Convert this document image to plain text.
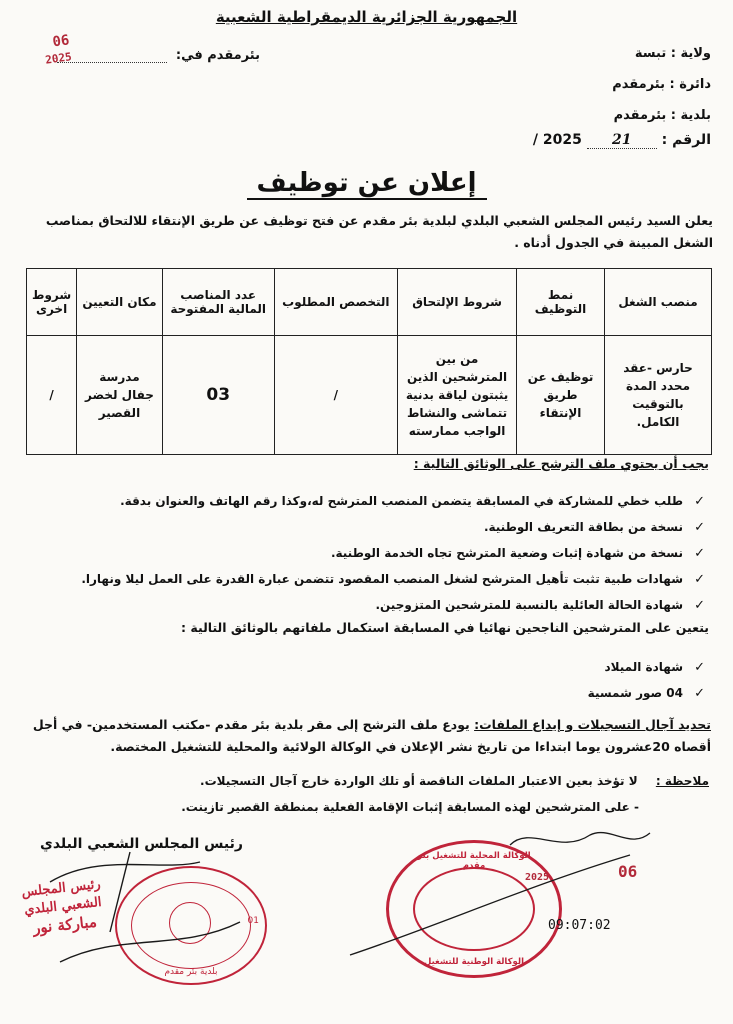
الجمهورية الجزائرية الديمقراطية الشعبية
ولاية : تبسة
دائرة : بئرمقدم
بلدية : بئرمقدم
بئرمقدم في:
06
2025
الرقم : 21 2025 /
إعلان عن توظيف
يعلن السيد رئيس المجلس الشعبي البلدي لبلدية بئر مقدم عن فتح توظيف عن طريق الإنتقاء للالتحاق بمناصب الشغل المبينة في الجدول أدناه .
منصب الشغل	نمط التوظيف	شروط الإلتحاق	التخصص المطلوب	عدد المناصب المالية المفتوحة	مكان التعيين	شروط اخرى
حارس -عقد محدد المدة بالتوقيت الكامل.	توظيف عن طريق الإنتقاء	من بين المترشحين الذين يثبتون لياقة بدنية تتماشى والنشاط الواجب ممارسته	/	03	مدرسة جفال لخضر القصير	/
يجب أن يحتوي ملف الترشح على الوثائق التالية :
✓طلب خطي للمشاركة في المسابقة يتضمن المنصب المترشح له،وكذا رقم الهاتف والعنوان بدقة.
✓نسخة من بطاقة التعريف الوطنية.
✓نسخة من شهادة إثبات وضعية المترشح تجاه الخدمة الوطنية.
✓شهادات طبية تثبت تأهيل المترشح لشغل المنصب المقصود تتضمن عبارة القدرة على العمل ليلا ونهارا.
✓شهادة الحالة العائلية بالنسبة للمترشحين المتزوجين.
يتعين على المترشحين الناجحين نهائيا في المسابقة استكمال ملفاتهم بالوثائق التالية :
✓شهادة الميلاد
✓04 صور شمسية
تحديد آجال التسجيلات و إيداع الملفات: يودع ملف الترشح إلى مقر بلدية بئر مقدم -مكتب المستخدمين- في أجل أقصاه 20عشرون يوما ابتداءا من تاريخ نشر الإعلان في الوكالة الولائية والمحلية للتشغيل المختصة.
ملاحظة : لا تؤخذ بعين الاعتبار الملفات الناقصة أو تلك الواردة خارج آجال التسجيلات.
- على المترشحين لهذه المسابقة إثبات الإقامة الفعلية بمنطقة القصير تازينت.
رئيس المجلس الشعبي البلدي
بلدية بئر مقدم
01
رئيس المجلس الشعبي البلدي
مباركة نور
الوكالة المحلية للتشغيل بئر مقدم
الوكالة الوطنية للتشغيل
2025	06
09:07:02
